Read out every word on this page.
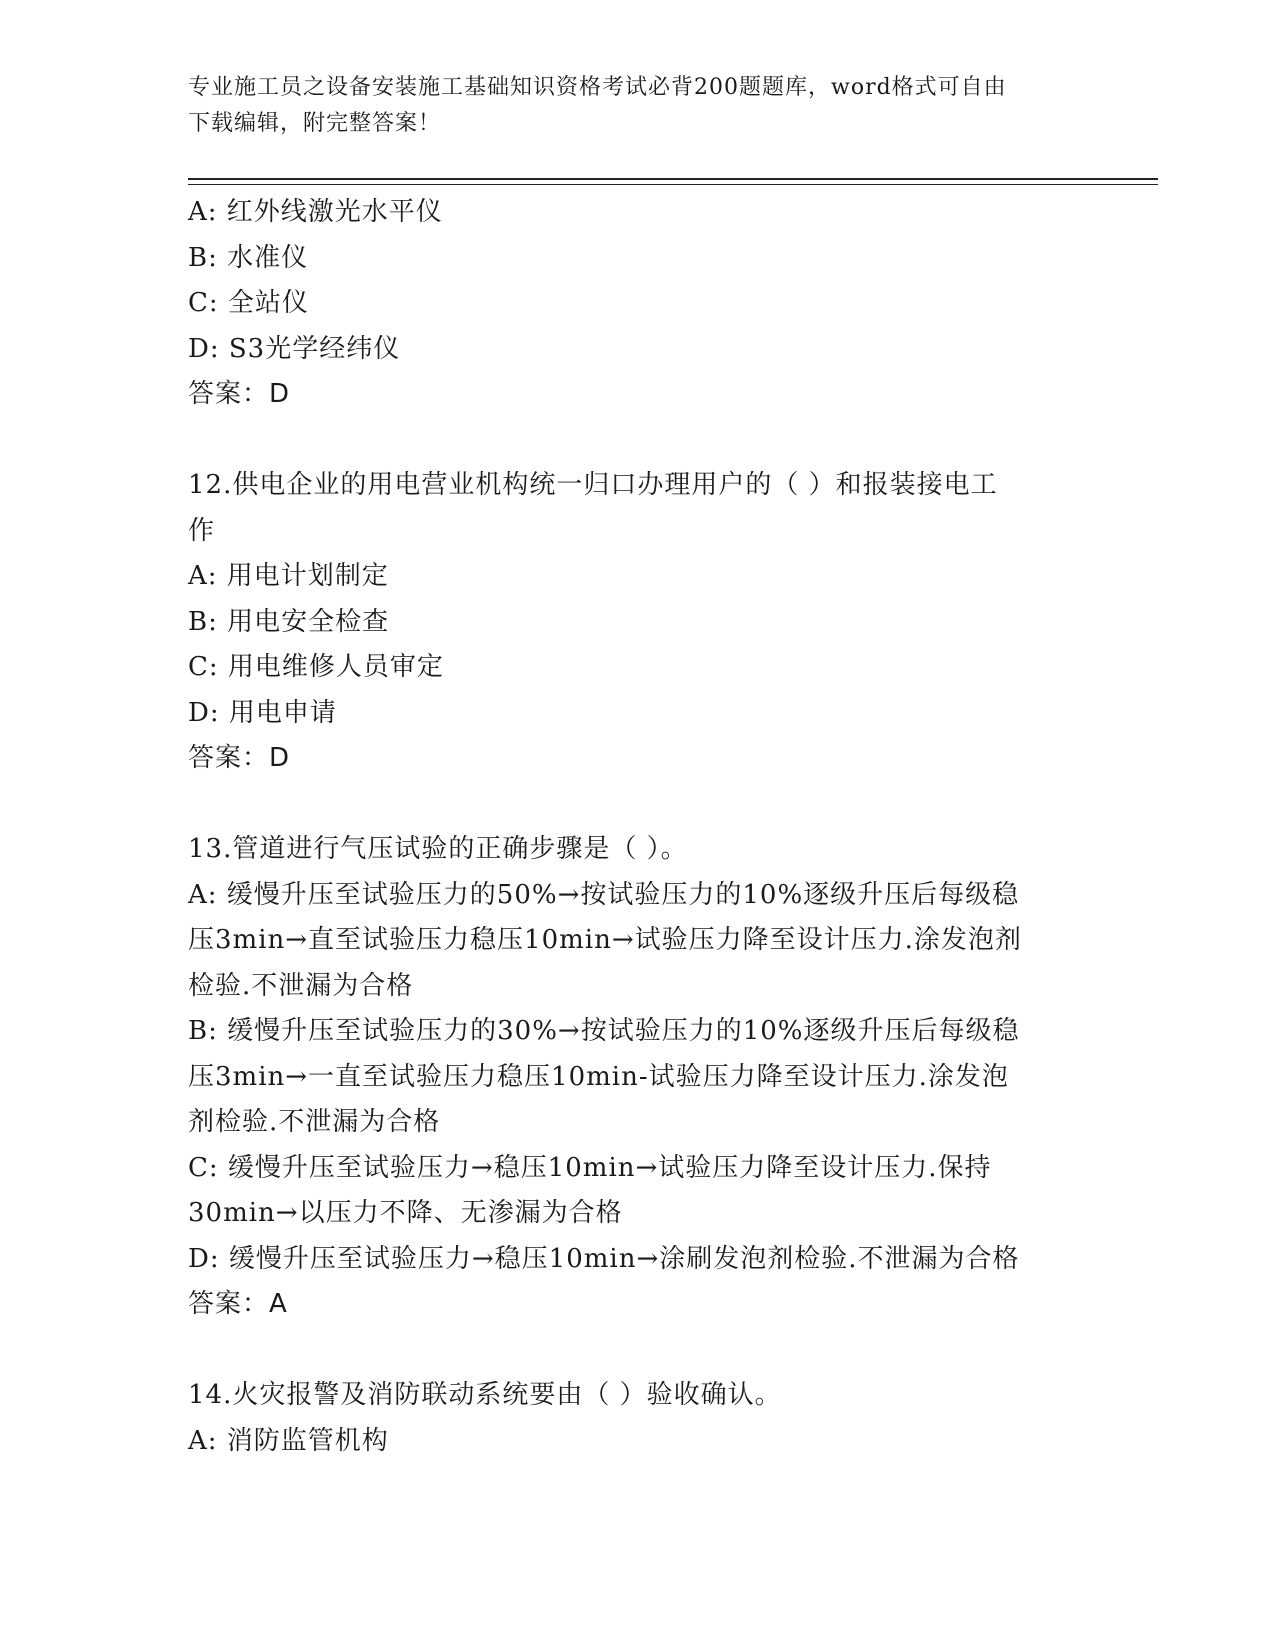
专业施工员之设备安装施工基础知识资格考试必背200题题库，word格式可自由
下载编辑，附完整答案！
A: 红外线激光水平仪
B: 水准仪
C: 全站仪
D: S3光学经纬仪
答案：D
12.供电企业的用电营业机构统一归口办理用户的（ ）和报装接电工
作
A: 用电计划制定
B: 用电安全检查
C: 用电维修人员审定
D: 用电申请
答案：D
13.管道进行气压试验的正确步骤是（ ）。
A: 缓慢升压至试验压力的50%→按试验压力的10%逐级升压后每级稳
压3min→直至试验压力稳压10min→试验压力降至设计压力.涂发泡剂
检验.不泄漏为合格
B: 缓慢升压至试验压力的30%→按试验压力的10%逐级升压后每级稳
压3min→一直至试验压力稳压10min-试验压力降至设计压力.涂发泡
剂检验.不泄漏为合格
C: 缓慢升压至试验压力→稳压10min→试验压力降至设计压力.保持
30min→以压力不降、无渗漏为合格
D: 缓慢升压至试验压力→稳压10min→涂刷发泡剂检验.不泄漏为合格
答案：A
14.火灾报警及消防联动系统要由（ ）验收确认。
A: 消防监管机构
